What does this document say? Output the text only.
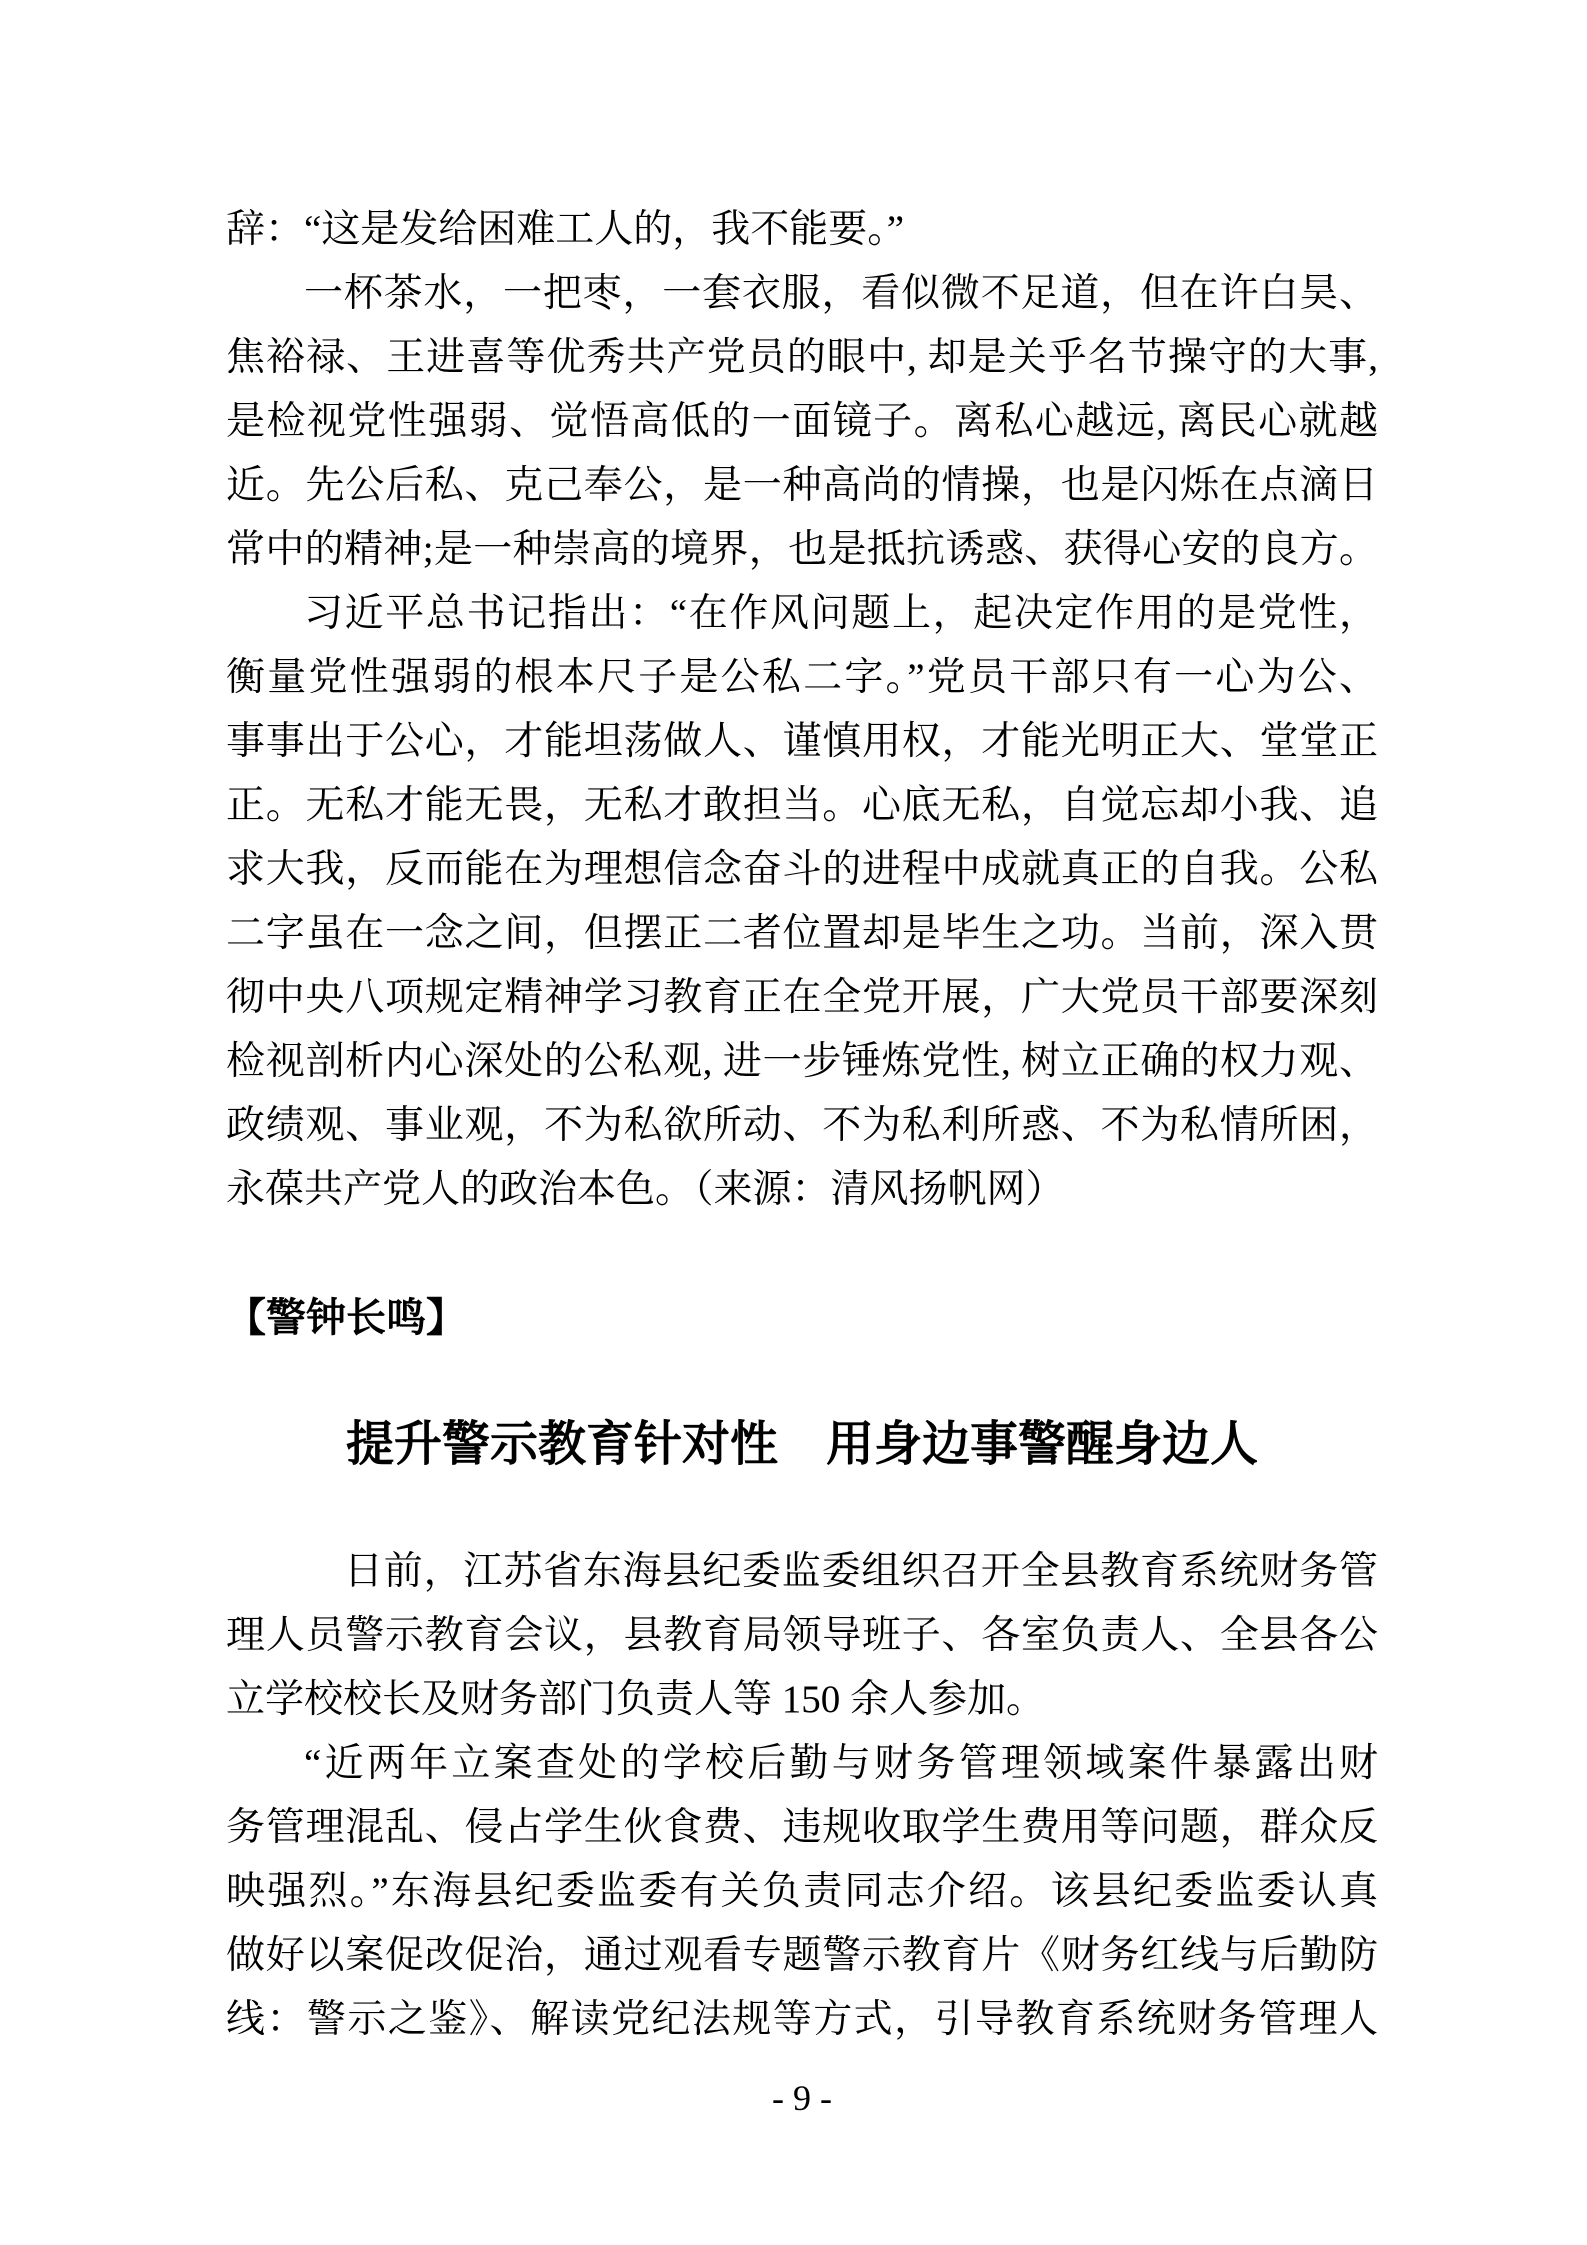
辞：“这是发给困难工人的，我不能要。”
一杯茶水，一把枣，一套衣服，看似微不足道，但在许白昊、
焦裕禄、王进喜等优秀共产党员的眼中, 却是关乎名节操守的大事,
是检视党性强弱、觉悟高低的一面镜子。离私心越远, 离民心就越
近。先公后私、克己奉公，是一种高尚的情操，也是闪烁在点滴日
常中的精神;是一种崇高的境界，也是抵抗诱惑、获得心安的良方。
习近平总书记指出：“在作风问题上，起决定作用的是党性，
衡量党性强弱的根本尺子是公私二字。”党员干部只有一心为公、
事事出于公心，才能坦荡做人、谨慎用权，才能光明正大、堂堂正
正。无私才能无畏，无私才敢担当。心底无私，自觉忘却小我、追
求大我，反而能在为理想信念奋斗的进程中成就真正的自我。公私
二字虽在一念之间，但摆正二者位置却是毕生之功。当前，深入贯
彻中央八项规定精神学习教育正在全党开展，广大党员干部要深刻
检视剖析内心深处的公私观, 进一步锤炼党性, 树立正确的权力观、
政绩观、事业观，不为私欲所动、不为私利所惑、不为私情所困，
永葆共产党人的政治本色。（来源：清风扬帆网）
【警钟长鸣】
提升警示教育针对性　用身边事警醒身边人
日前，江苏省东海县纪委监委组织召开全县教育系统财务管
理人员警示教育会议，县教育局领导班子、各室负责人、全县各公
立学校校长及财务部门负责人等 150 余人参加。
“近两年立案查处的学校后勤与财务管理领域案件暴露出财
务管理混乱、侵占学生伙食费、违规收取学生费用等问题，群众反
映强烈。”东海县纪委监委有关负责同志介绍。该县纪委监委认真
做好以案促改促治，通过观看专题警示教育片《财务红线与后勤防
线：警示之鉴》、解读党纪法规等方式，引导教育系统财务管理人
- 9 -
